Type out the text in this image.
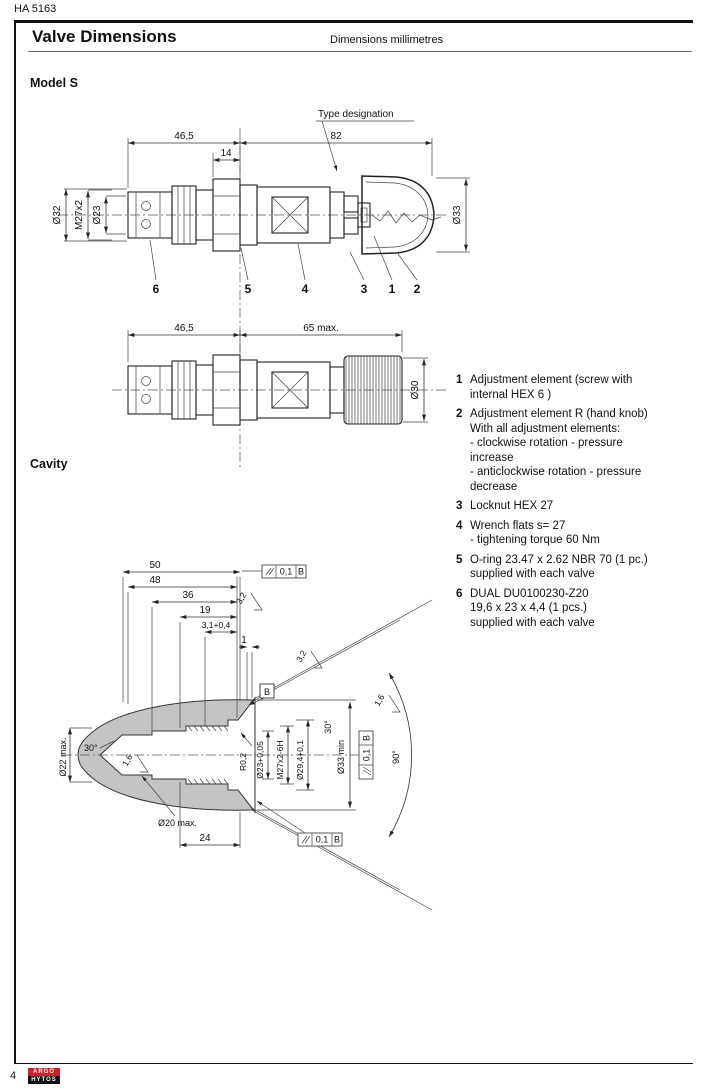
HA 5163
Valve Dimensions	Dimensions millimetres
Model S
Cavity
Type designation
46,5
14
82
Ø32 M27x2 Ø23	Ø33
6	5	4	3 1 2
46,5	65 max.
Ø30
50
48
36
19
3,1+0,4
1
0,1 B
3,2
3,2
1,6
1,6
B
R0,2 Ø23+0,05 M27x2-6H Ø29,4+0,1	Ø33 min
30°
0,1
B
90°
Ø22 max. 30°
Ø20 max.
24	0,1 B
1 Adjustment element (screw with
internal HEX 6 )
2 Adjustment element R (hand knob)
With all adjustment elements:
- clockwise rotation - pressure
increase
- anticlockwise rotation - pressure
decrease
3 Locknut HEX 27
4 Wrench flats s= 27
- tightening torque 60 Nm
5 O-ring 23.47 x 2.62 NBR 70 (1 pc.)
supplied with each valve
6 DUAL DU0100230-Z20
19,6 x 23 x 4,4 (1 pcs.)
supplied with each valve
4	ARGO
HYTOS
